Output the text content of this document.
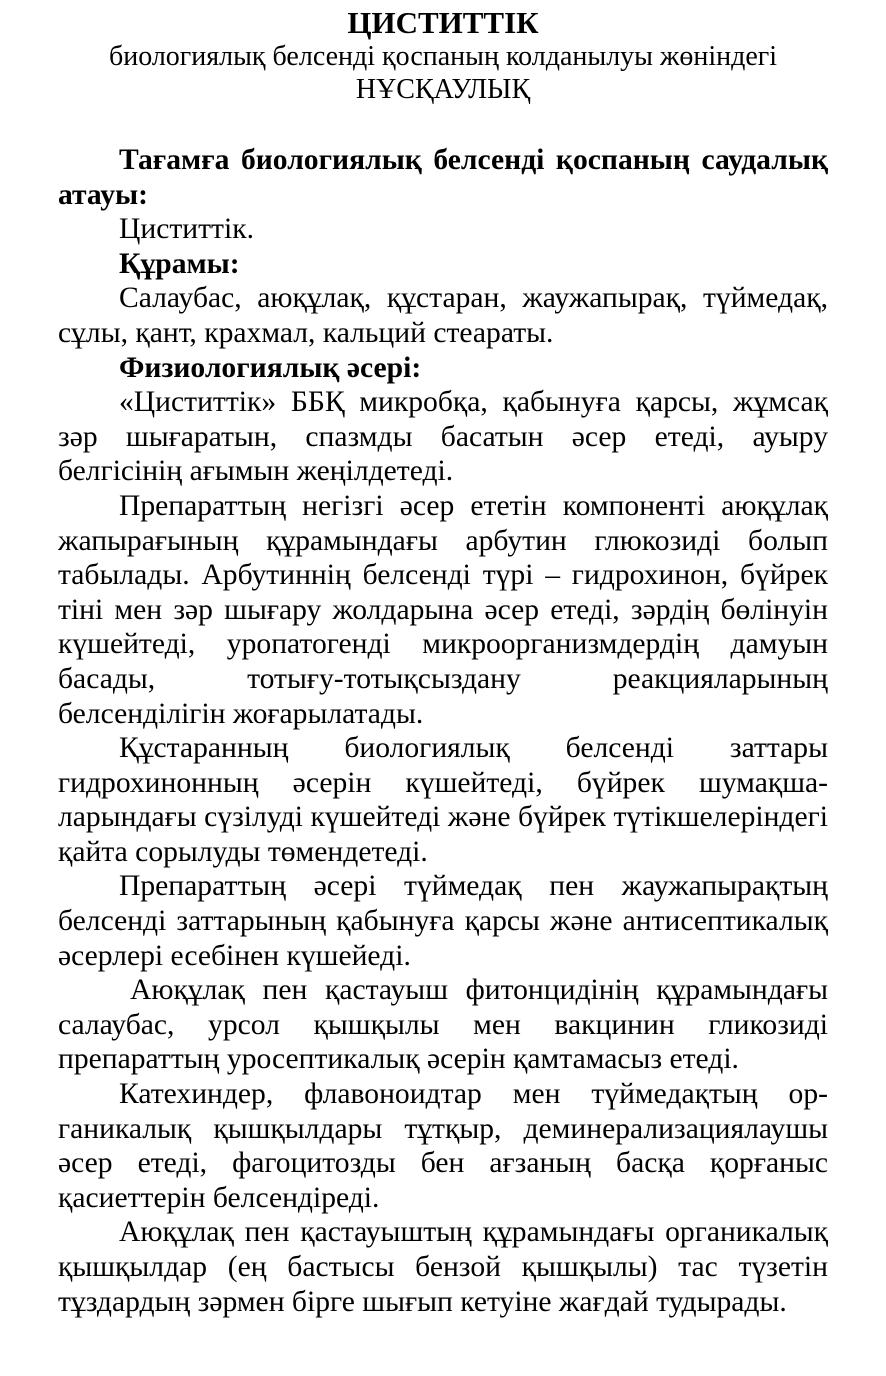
ЦИСТИТТІК

биологиялық белсенді қоспаның колданылуы жөніндегі

НҰСҚАУЛЫҚ

Тағамға биологиялық белсенді қоспаның саудалық атауы:

Циститтік.

Құрамы:

Салаубас, аюқұлақ, құстаран, жаужапырақ, түймедақ, сұлы, қант, крахмал, кальций стеараты.

Физиологиялық әсері:

«Циститтік» ББҚ микробқа, қабынуға қарсы, жұмсақ зәр шығаратын, спазмды басатын әсер етеді, ауыру белгісінің ағымын жеңілдетеді.

Препараттың негізгі әсер ететін компоненті аюқұлақ жапырағының құрамындағы арбутин глюкозиді болып табылады. Арбутиннің белсенді түрі – гидрохинон, бүйрек тіні мен зәр шығару жолдарына әсер етеді, зәрдің бөлінуін күшейтеді, уропатогенді микроорганизмдердің дамуын басады, тотығу-тотықсыздану реакцияларының белсенділігін жоғарылатады.

Құстаранның биологиялық белсенді заттары гидрохинонның әсерін күшейтеді, бүйрек шумақшаларындағы сүзілуді күшейтеді және бүйрек түтікшелеріндегі қайта сорылуды төмендетеді.

Препараттың әсері түймедақ пен жаужапырақтың белсенді заттарының қабынуға қарсы және антисептикалық әсерлері есебінен күшейеді.

Аюқұлақ пен қастауыш фитонцидінің құрамындағы салаубас, урсол қышқылы мен вакцинин гликозиді препараттың уросептикалық әсерін қамтамасыз етеді.

Катехиндер, флавоноидтар мен түймедақтың органикалық қышқылдары тұтқыр, деминерализациялаушы әсер етеді, фагоцитозды бен ағзаның басқа қорғаныс қасиеттерін белсендіреді.

Аюқұлақ пен қастауыштың құрамындағы органикалық қышқылдар (ең бастысы бензой қышқылы) тас түзетін тұздардың зәрмен бірге шығып кетуіне жағдай тудырады.
